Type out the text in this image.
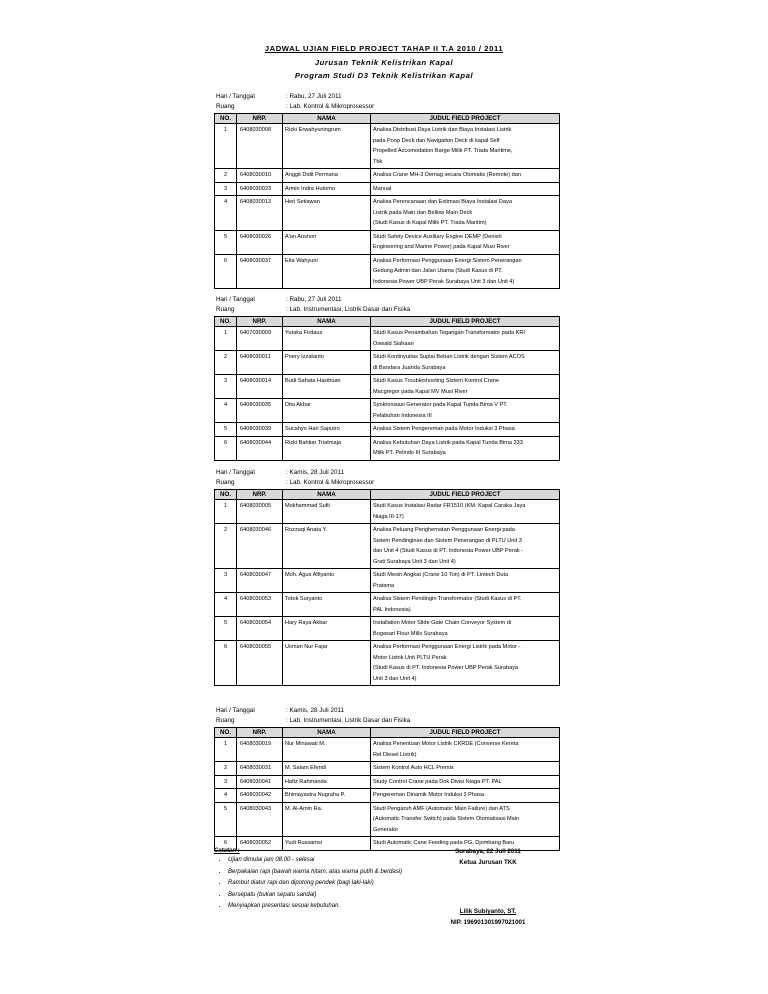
JADWAL UJIAN FIELD PROJECT TAHAP II T.A 2010 / 2011
Jurusan Teknik Kelistrikan Kapal
Program Studi D3 Teknik Kelistrikan Kapal
Hari / Tanggal	: Rabu, 27 Juli 2011
Ruang	: Lab. Kontrol & Mikroprosessor
NO.	NRP.	NAMA	JUDUL FIELD PROJECT
1	6408030008	Rizki Erwahyuningrum	Analisa Distribusi Daya Listrik dan Biaya Instalasi Listrik
pada Poop Deck dan Navigation Deck di kapal Self
Propelled Accomodation Barge Milik PT. Trada Maritime,
Tbk

2	6408030010	Anggit Didit Permana	Analisa Crane MH-3 Demag secara Otomatis (Remote) dan

3	6408030023	Armin Indra Hutomo	Manual

4	6408030013	Heri Setiawan	Analisa Perencanaan dan Estimasi Biaya Instalasi Daya
Listrik pada Main dan Bellow Main Deck
(Studi Kasus di Kapal Milik PT. Trada Maritim)

5	6408030026	A'an Anshori	Studi Safety Device Auxiliary Engine DEMP (Denish
Engineering and Marine Power) pada Kapal Musi River

6	6408030037	Eka Wahyuni	Analisa Performasi Penggunaan Energi Sistem Penerangan
Gedung Admin dan Jalan Utama (Studi Kasus di PT.
Indonesia Power UBP Perak Surabaya Unit 3 dan Unit 4)
Hari / Tanggal	: Rabu, 27 Juli 2011
Ruang	: Lab. Instrumentasi, Listrik Dasar dan Fisika
NO.	NRP.	NAMA	JUDUL FIELD PROJECT
1	6407030009	Yutaka Firdaus	Studi Kasus Penambahan Tegangan Transformator pada KRI
Oswald Siahaan

2	6408030011	Poery Izzatanto	Studi Kontinyuitas Suplai Beban Listrik dengan Sistem ACOS
di Bandara Juanda Surabaya

3	6408030014	Budi Sahata Hasibuan	Studi Kasus Troubleshooting Sistem Kontrol Crane
Macgregor pada Kapal MV Musi River

4	6408030035	Dita Akbar	Synkronisasi Generator pada Kapal Tunda Bima V PT.
Pelabuhan Indonesia III

5	6408030039	Sucahyo Hari Saputro	Analisa Sistem Pengereman pada Motor Induksi 3 Phasa

6	6408030044	Rizki Bahtiar Triatmaja	Analisa Kebutuhan Daya Listrik pada Kapal Tunda Bima 333
Milik PT. Pelindo III Surabaya
Hari / Tanggal	: Kamis, 28 Juli 2011
Ruang	: Lab. Kontrol & Mikroprosessor
NO.	NRP.	NAMA	JUDUL FIELD PROJECT
1	6408030005	Mokhammad Sufii	Studi Kasus Instalasi Radar FR1510 (KM. Kapal Caraka Jaya
Niaga III-17)

2	6408030046	Rozzaqi Anata Y.	Analisa Peluang Penghematan Penggunaan Energi pada
Sistem Pendinginan dan Sistem Penerangan di PLTU Unit 3
dan Unit 4 (Studi Kasus di PT. Indonesia Power UBP Perak -
Grati Surabaya Unit 3 dan Unit 4)

3	6408030047	Moh. Agus Alfiyanto	Studi Mesin Angkat (Crane 10 Ton) di PT. Lintech Duta
Pratama

4	6408030053	Totok Suryanto	Analisa Sistem Pendingin Transformator (Studi Kasus di PT.
PAL Indonesia)

5	6408030054	Hary Raya Akbar	Installation Motor Slide Gate Chain Conveyor System di
Bogasari Flour Mills Surabaya

6	6408030055	Usman Nur Fajar	Analisa Performasi Penggunaan Energi Listrik pada Motor -
Motor Listrik Unit PLTU Perak
(Studi Kasus di PT. Indonesia Power UBP Perak Surabaya
Unit 3 dan Unit 4)
Hari / Tanggal	: Kamis, 28 Juli 2011
Ruang	: Lab. Instrumentasi, Listrik Dasar dan Fisika
NO.	NRP.	NAMA	JUDUL FIELD PROJECT
1	6408030019	Nur Minawati M.	Analisa Penentuan Motor Listrik CKRDE (Converse Kereta
Rel Diesel Listrik)

2	6408030031	M. Salam Efendi	Sistem Kontrol Auto HCL Premix

3	6408030041	Hafiz Rahmanda	Study Control Crane pada Dok Divisi Niaga PT. PAL

4	6408030042	Bhimayastra Nugraha P.	Pengereman Dinamik Motor Induksi 3 Phasa

5	6408030043	M. Al-Amin Ra.	Studi Pengaruh AMF (Automatic Main Failure) dan ATS
(Automatic Transfer Switch) pada Sistem Otomatisasi Main
Generator

6	6408030052	Yudi Russamsi	Studi Automatic Cane Feeding pada PG. Djombang Baru
Catatan :
• Ujian dimulai jam 08.00 - selesai
• Berpakaian rapi (bawah warna hitam, atas warna putih & berdasi)
• Rambut diatur rapi dan dipotong pendek (bagi laki-laki)
• Bersepatu (bukan sepatu sandal)
• Menyiapkan presentasi sesuai kebutuhan.
Surabaya, 22 Juli 2011
Ketua Jurusan TKK
Lilik Subiyanto, ST.
NIP. 196901301997021001
